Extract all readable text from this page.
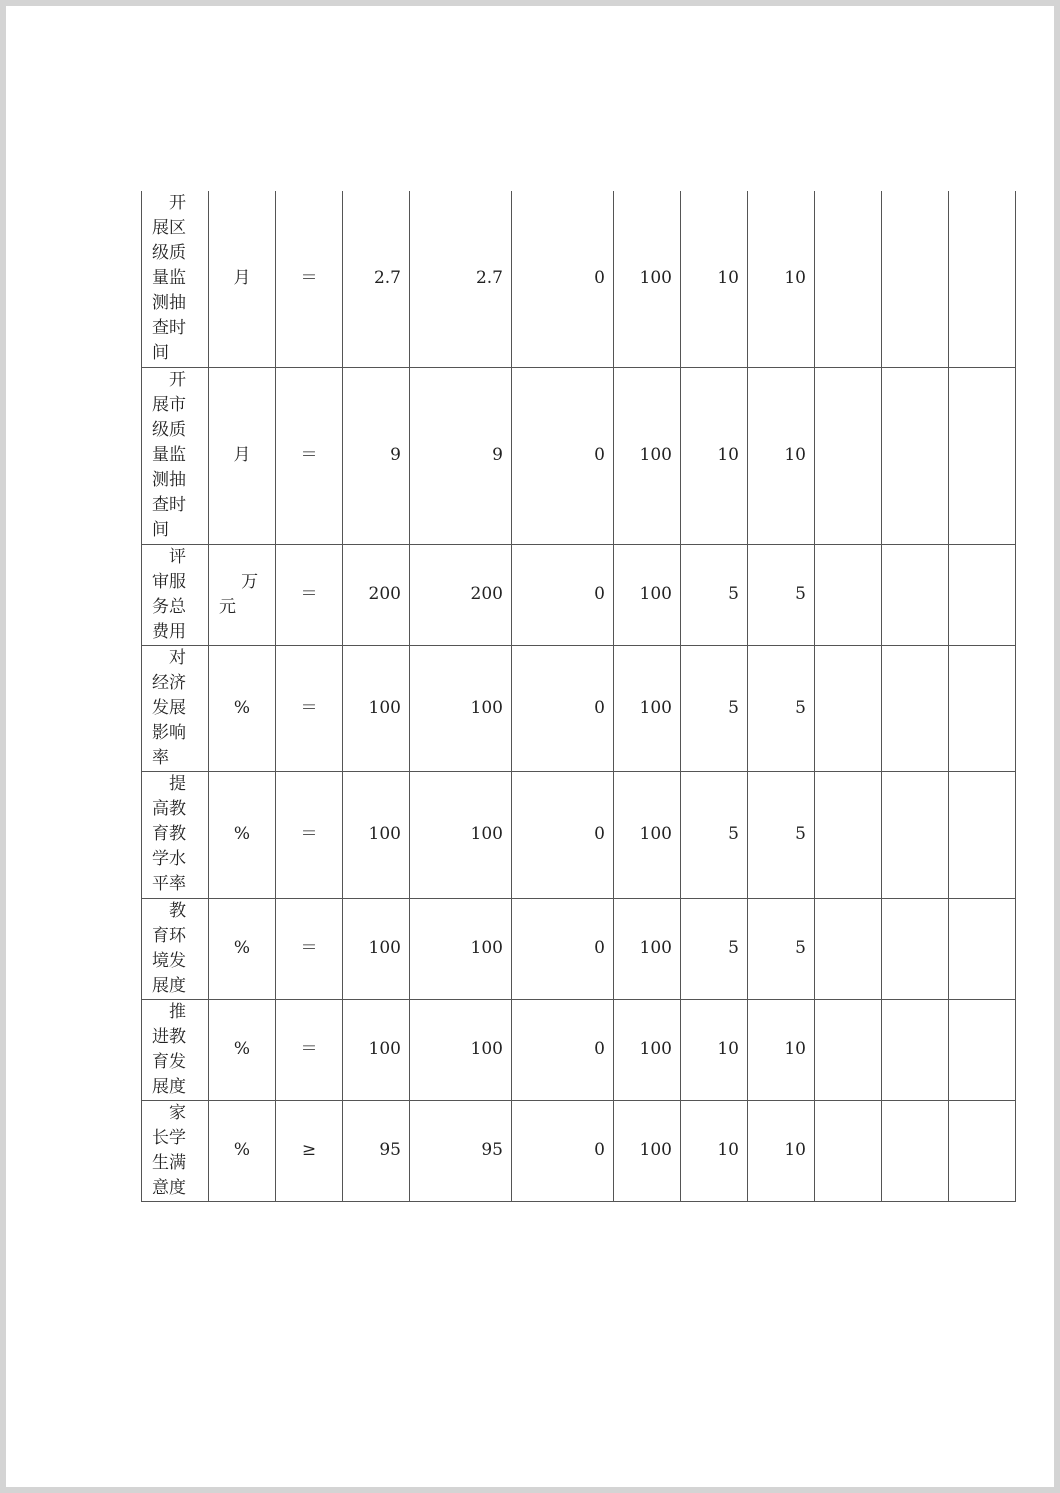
开展区级质量监测抽查时间	月	＝	2.7	2.7	0	100	10	10			
开展市级质量监测抽查时间	月	＝	9	9	0	100	10	10			
评审服务总费用	万元	＝	200	200	0	100	5	5			
对经济发展影响率	%	＝	100	100	0	100	5	5			
提高教育教学水平率	%	＝	100	100	0	100	5	5			
教育环境发展度	%	＝	100	100	0	100	5	5			
推进教育发展度	%	＝	100	100	0	100	10	10			
家长学生满意度	%	≥	95	95	0	100	10	10			
